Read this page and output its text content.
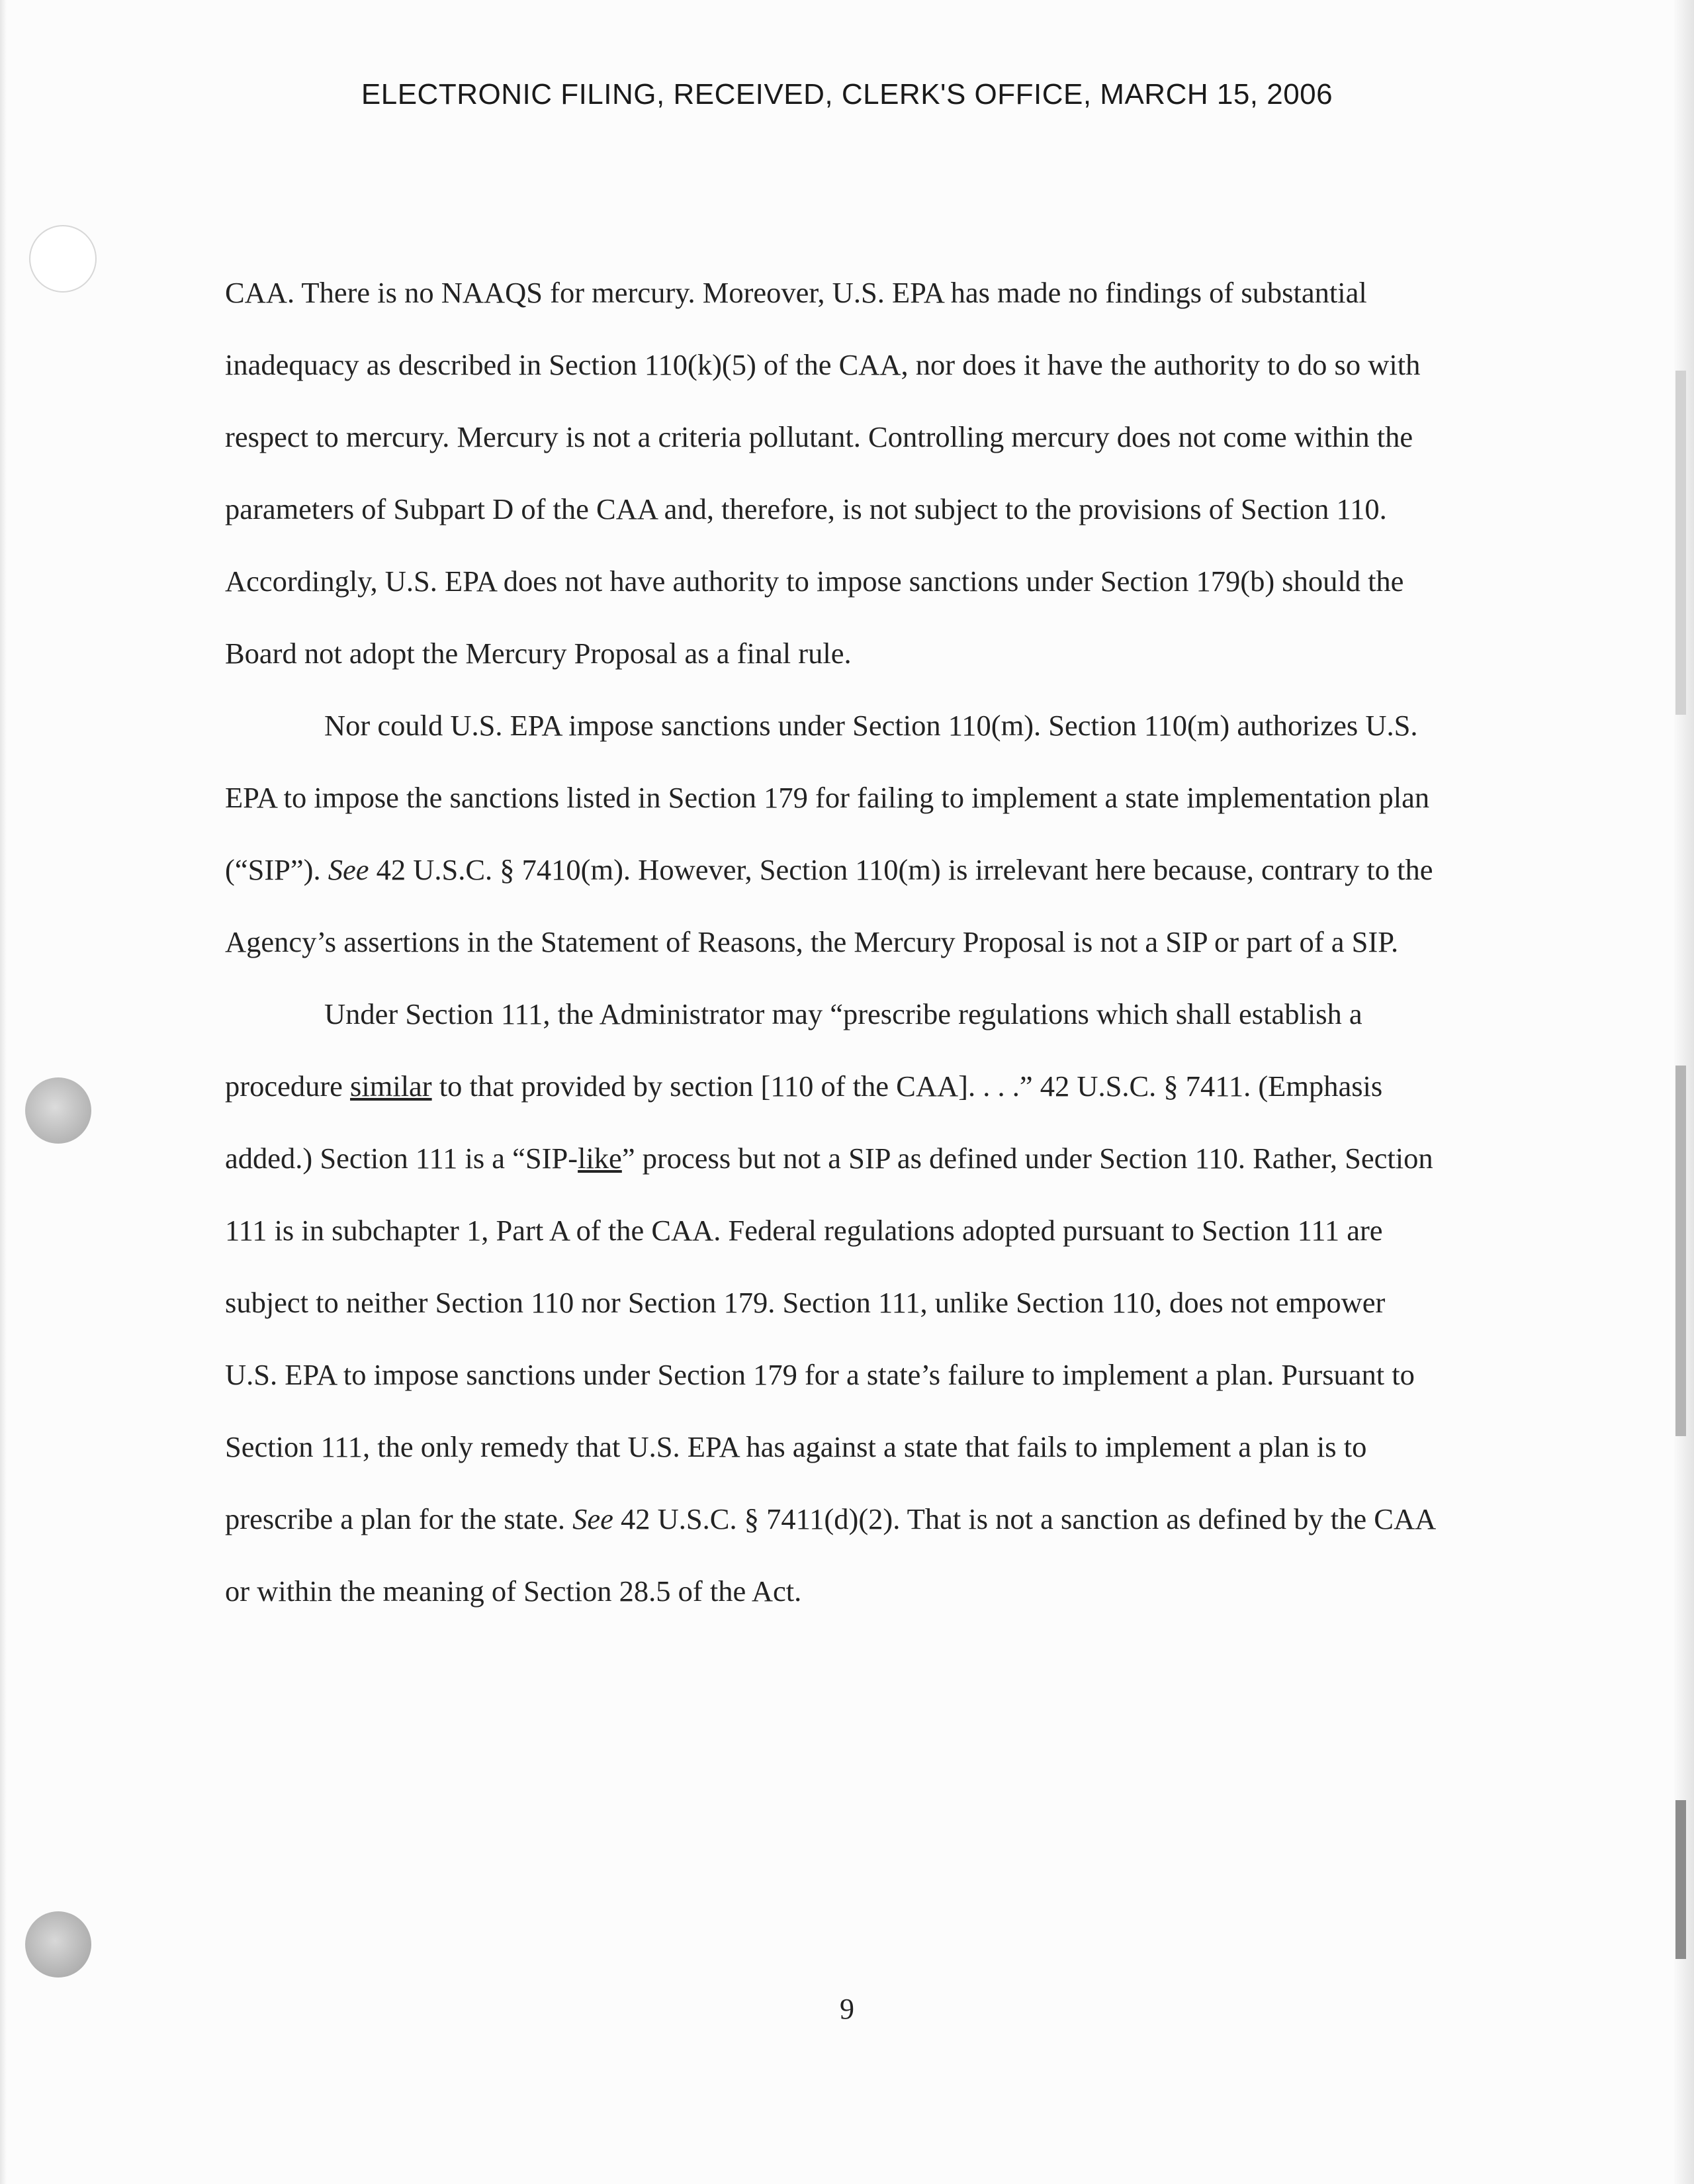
ELECTRONIC FILING, RECEIVED, CLERK'S OFFICE, MARCH 15, 2006

CAA. There is no NAAQS for mercury. Moreover, U.S. EPA has made no findings of substantial inadequacy as described in Section 110(k)(5) of the CAA, nor does it have the authority to do so with respect to mercury. Mercury is not a criteria pollutant. Controlling mercury does not come within the parameters of Subpart D of the CAA and, therefore, is not subject to the provisions of Section 110. Accordingly, U.S. EPA does not have authority to impose sanctions under Section 179(b) should the Board not adopt the Mercury Proposal as a final rule.

Nor could U.S. EPA impose sanctions under Section 110(m). Section 110(m) authorizes U.S. EPA to impose the sanctions listed in Section 179 for failing to implement a state implementation plan (“SIP”). See 42 U.S.C. § 7410(m). However, Section 110(m) is irrelevant here because, contrary to the Agency’s assertions in the Statement of Reasons, the Mercury Proposal is not a SIP or part of a SIP.

Under Section 111, the Administrator may “prescribe regulations which shall establish a procedure similar to that provided by section [110 of the CAA]. . . .” 42 U.S.C. § 7411. (Emphasis added.) Section 111 is a “SIP-like” process but not a SIP as defined under Section 110. Rather, Section 111 is in subchapter 1, Part A of the CAA. Federal regulations adopted pursuant to Section 111 are subject to neither Section 110 nor Section 179. Section 111, unlike Section 110, does not empower U.S. EPA to impose sanctions under Section 179 for a state’s failure to implement a plan. Pursuant to Section 111, the only remedy that U.S. EPA has against a state that fails to implement a plan is to prescribe a plan for the state. See 42 U.S.C. § 7411(d)(2). That is not a sanction as defined by the CAA or within the meaning of Section 28.5 of the Act.

9
